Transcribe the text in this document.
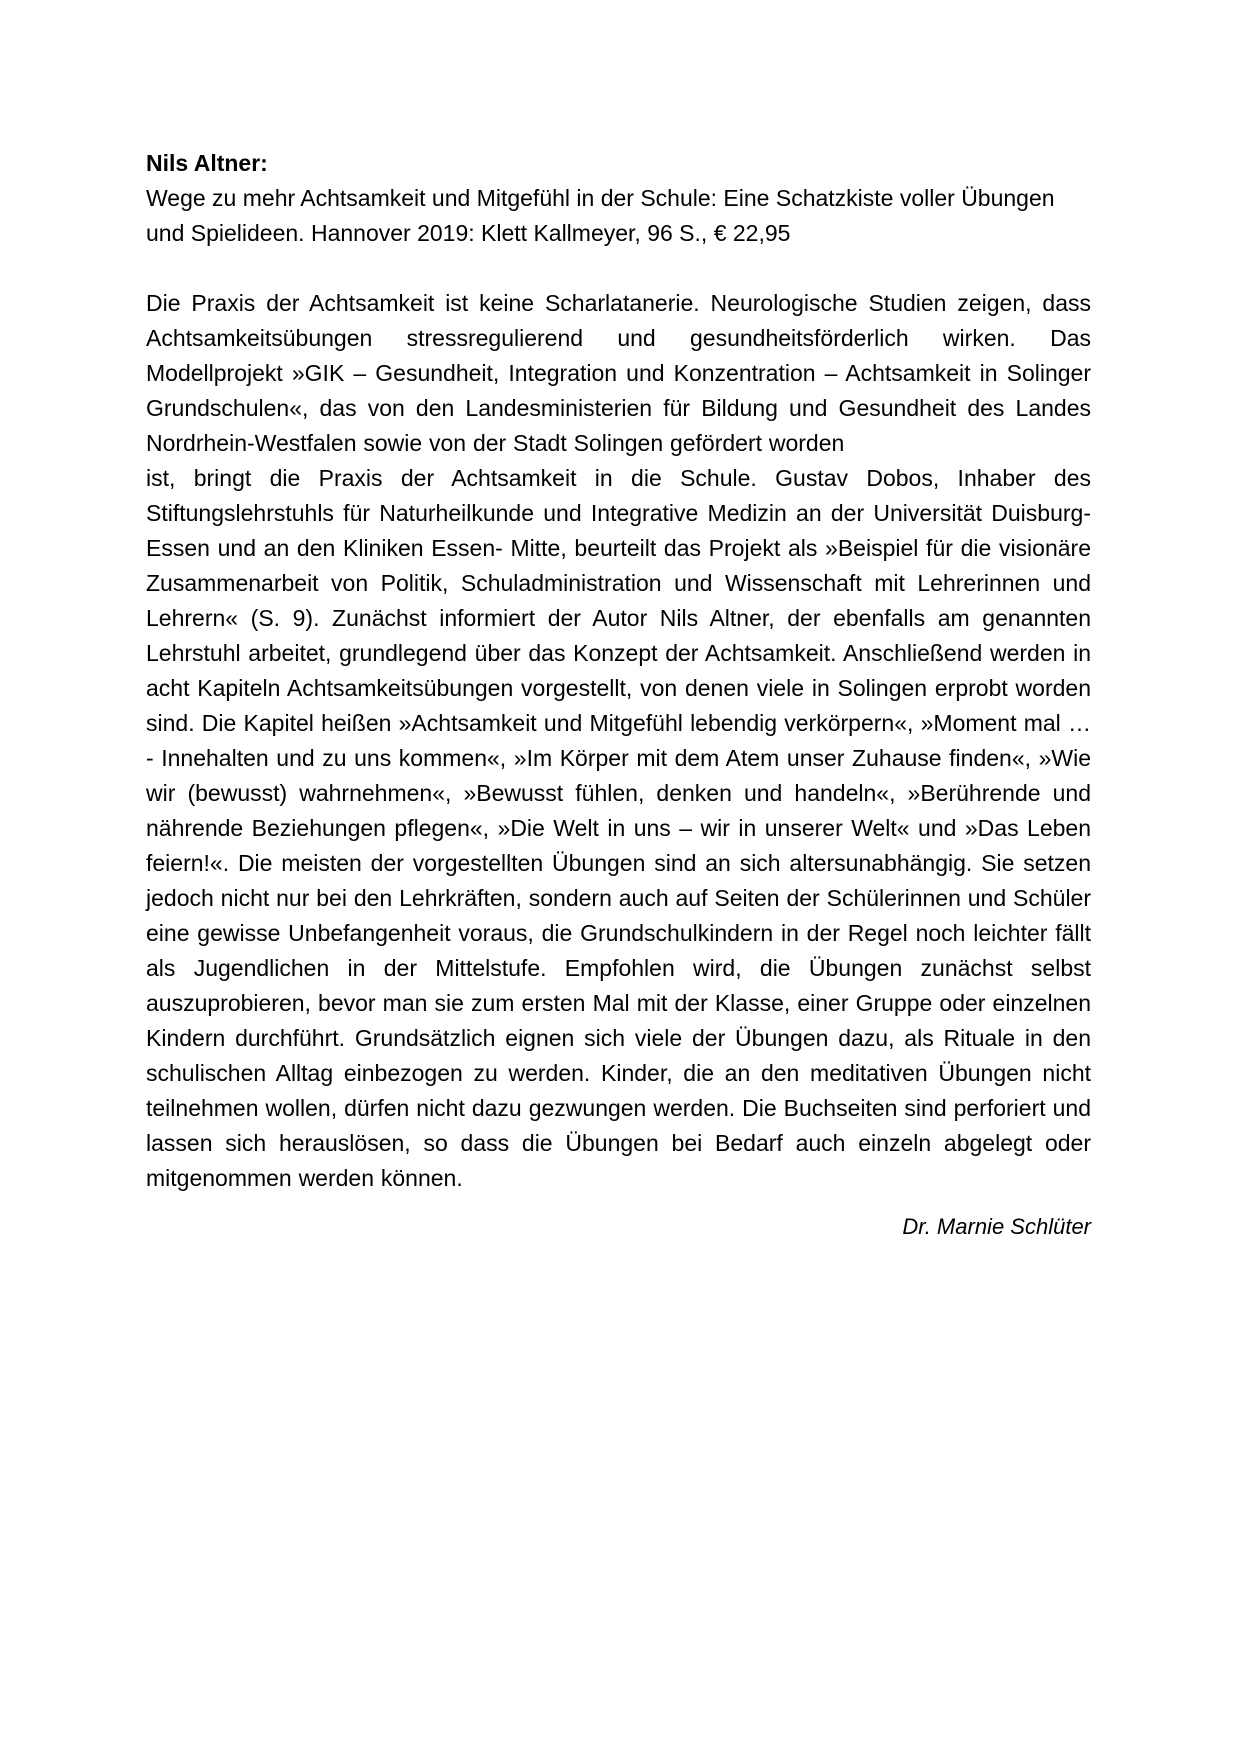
Nils Altner:

Wege zu mehr Achtsamkeit und Mitgefühl in der Schule: Eine Schatzkiste voller Übungen und Spielideen. Hannover 2019: Klett Kallmeyer, 96 S., € 22,95

Die Praxis der Achtsamkeit ist keine Scharlatanerie. Neurologische Studien zeigen, dass Achtsamkeitsübungen stressregulierend und gesundheitsförderlich wirken. Das Modellprojekt »GIK – Gesundheit, Integration und Konzentration – Achtsamkeit in Solinger Grundschulen«, das von den Landesministerien für Bildung und Gesundheit des Landes Nordrhein-Westfalen sowie von der Stadt Solingen gefördert worden

ist, bringt die Praxis der Achtsamkeit in die Schule. Gustav Dobos, Inhaber des Stiftungslehrstuhls für Naturheilkunde und Integrative Medizin an der Universität Duisburg- Essen und an den Kliniken Essen- Mitte, beurteilt das Projekt als »Beispiel für die visionäre Zusammenarbeit von Politik, Schuladministration und Wissenschaft mit Lehrerinnen und Lehrern« (S. 9). Zunächst informiert der Autor Nils Altner, der ebenfalls am genannten Lehrstuhl arbeitet, grundlegend über das Konzept der Achtsamkeit. Anschließend werden in acht Kapiteln Achtsamkeitsübungen vorgestellt, von denen viele in Solingen erprobt worden sind. Die Kapitel heißen »Achtsamkeit und Mitgefühl lebendig verkörpern«, »Moment mal … - Innehalten und zu uns kommen«, »Im Körper mit dem Atem unser Zuhause finden«, »Wie wir (bewusst) wahrnehmen«, »Bewusst fühlen, denken und handeln«, »Berührende und nährende Beziehungen pflegen«, »Die Welt in uns – wir in unserer Welt« und »Das Leben feiern!«. Die meisten der vorgestellten Übungen sind an sich altersunabhängig. Sie setzen jedoch nicht nur bei den Lehrkräften, sondern auch auf Seiten der Schülerinnen und Schüler eine gewisse Unbefangenheit voraus, die Grundschulkindern in der Regel noch leichter fällt als Jugendlichen in der Mittelstufe. Empfohlen wird, die Übungen zunächst selbst auszuprobieren, bevor man sie zum ersten Mal mit der Klasse, einer Gruppe oder einzelnen Kindern durchführt. Grundsätzlich eignen sich viele der Übungen dazu, als Rituale in den schulischen Alltag einbezogen zu werden. Kinder, die an den meditativen Übungen nicht teilnehmen wollen, dürfen nicht dazu gezwungen werden. Die Buchseiten sind perforiert und lassen sich herauslösen, so dass die Übungen bei Bedarf auch einzeln abgelegt oder mitgenommen werden können.

Dr. Marnie Schlüter
